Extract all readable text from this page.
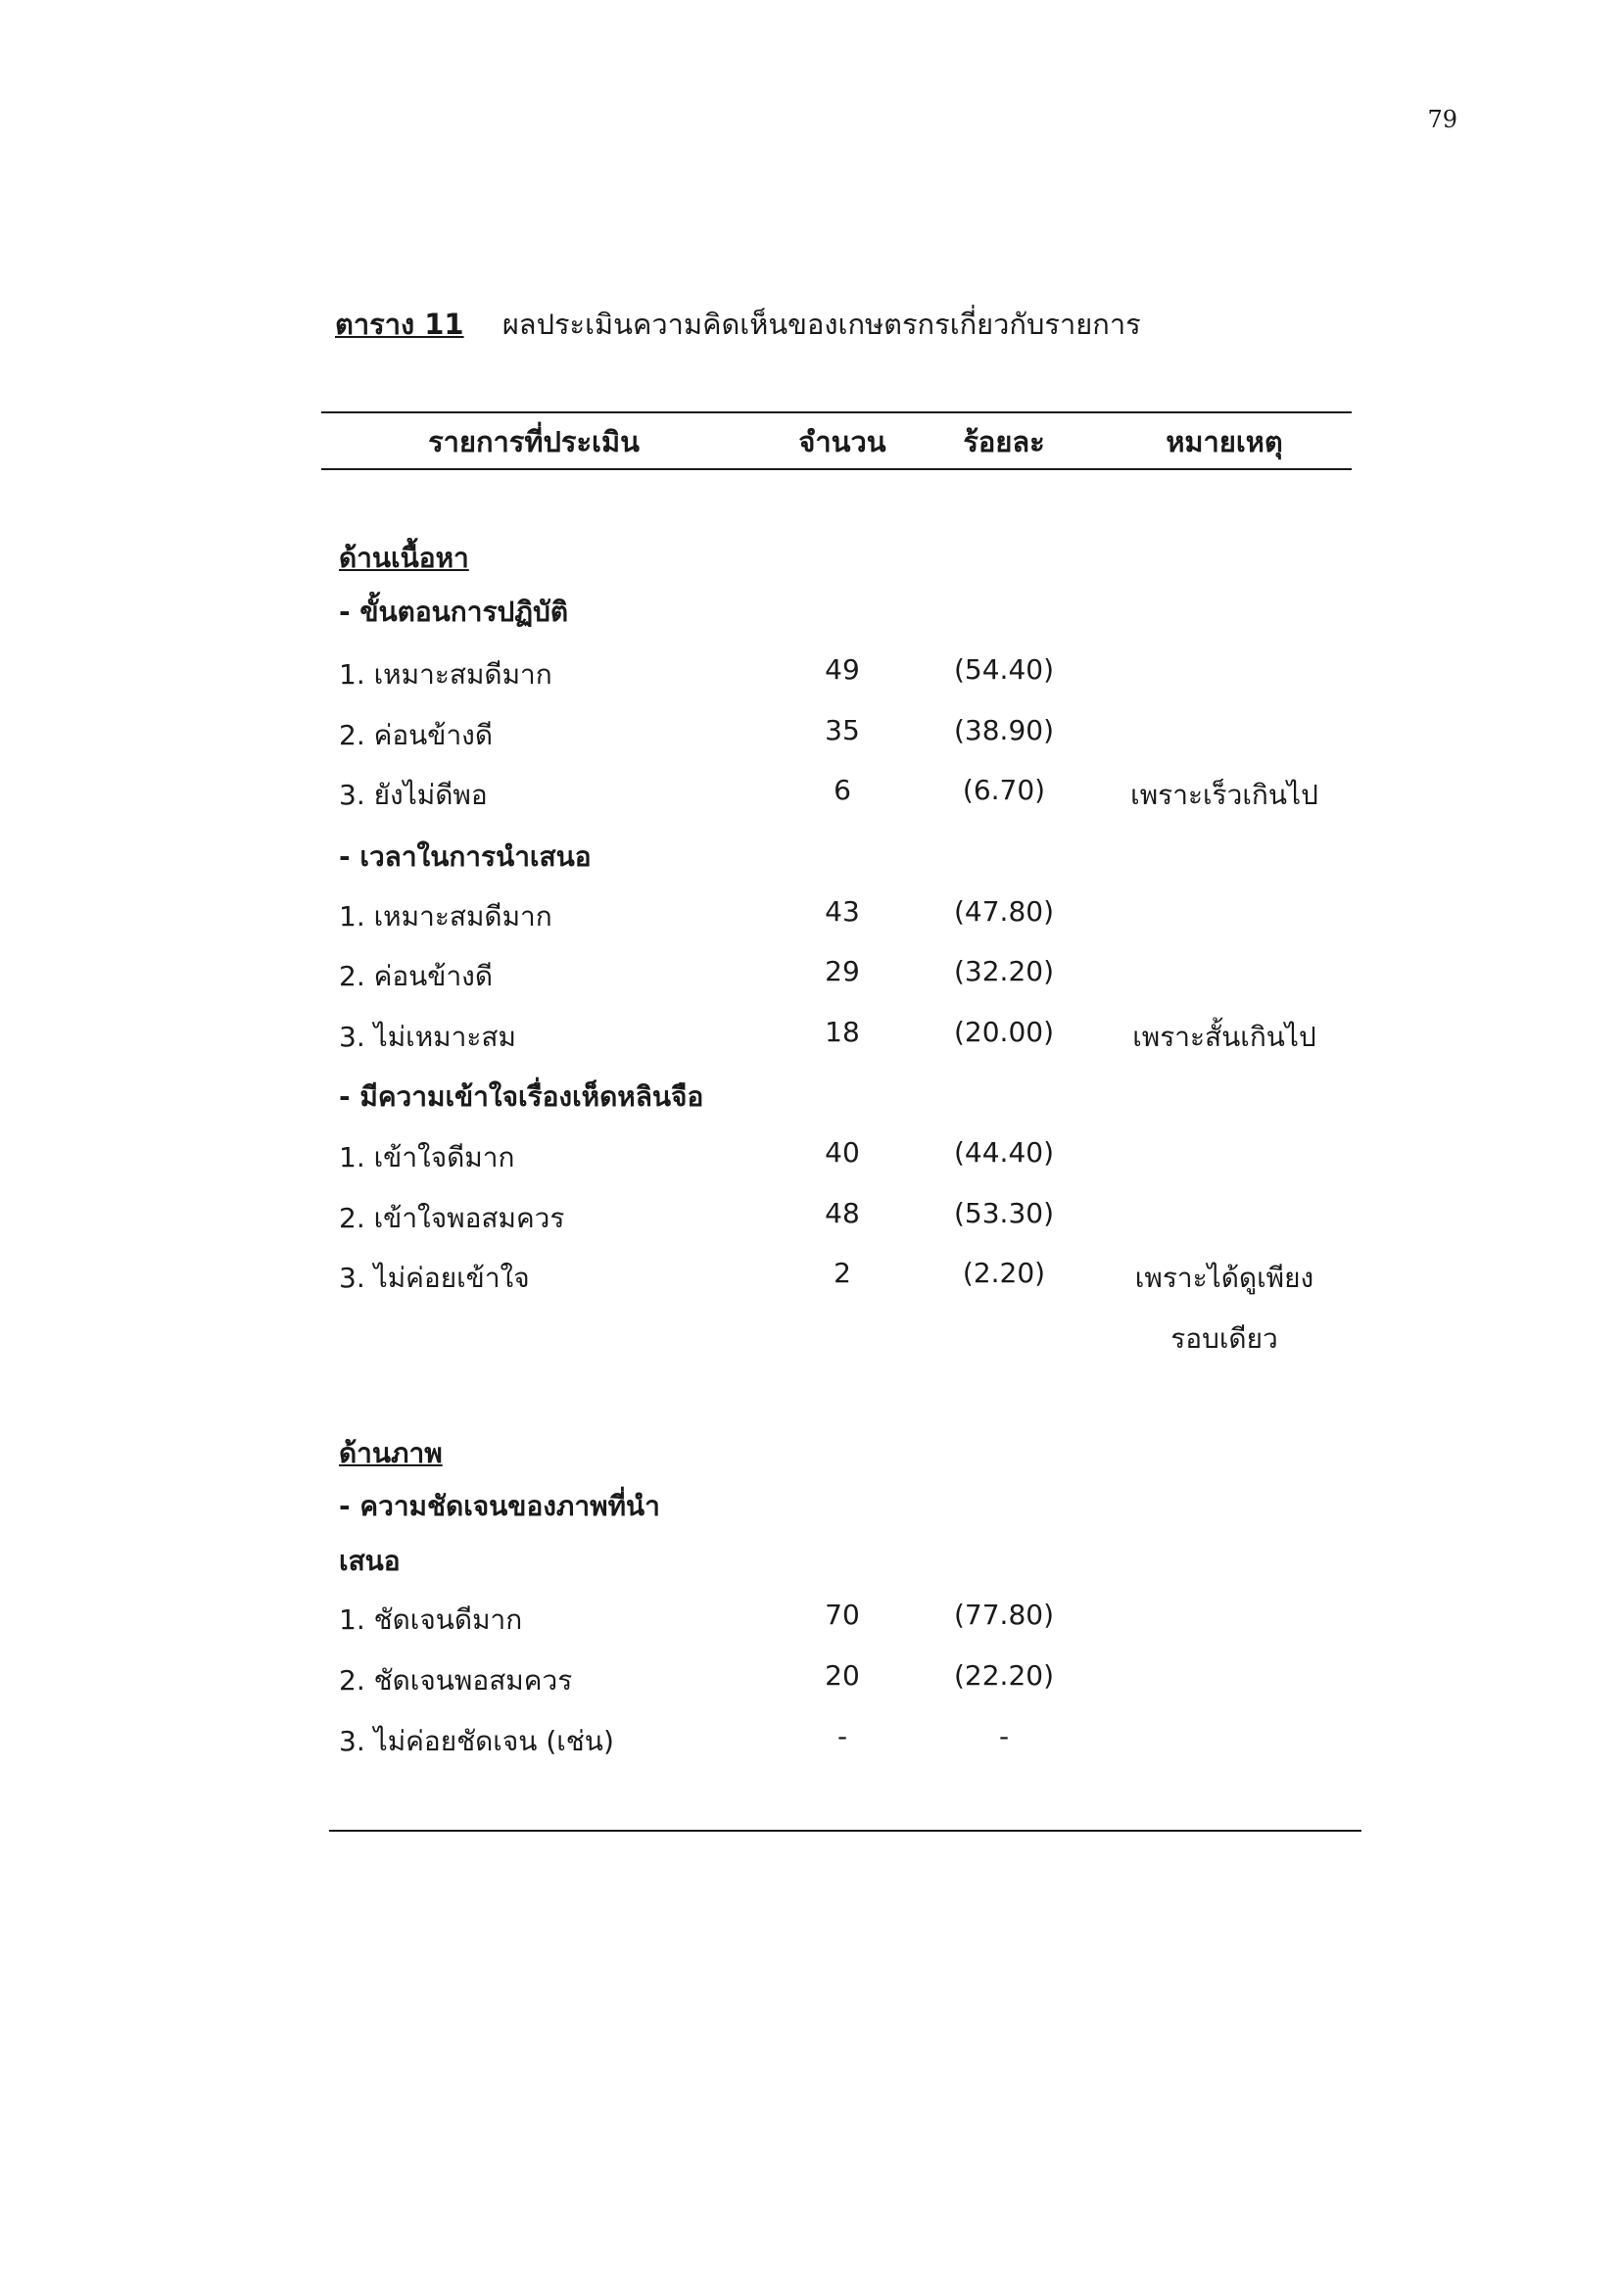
79
ตาราง 11 ผลประเมินความคิดเห็นของเกษตรกรเกี่ยวกับรายการ
รายการที่ประเมิน	จำนวน	ร้อยละ	หมายเหตุ
ด้านเนื้อหา
- ขั้นตอนการปฏิบัติ
1. เหมาะสมดีมาก	49	(54.40)
2. ค่อนข้างดี	35	(38.90)
3. ยังไม่ดีพอ	6	(6.70)	เพราะเร็วเกินไป
- เวลาในการนำเสนอ
1. เหมาะสมดีมาก	43	(47.80)
2. ค่อนข้างดี	29	(32.20)
3. ไม่เหมาะสม	18	(20.00)	เพราะสั้นเกินไป
- มีความเข้าใจเรื่องเห็ดหลินจือ
1. เข้าใจดีมาก	40	(44.40)
2. เข้าใจพอสมควร	48	(53.30)
3. ไม่ค่อยเข้าใจ	2	(2.20)	เพราะได้ดูเพียง
รอบเดียว
ด้านภาพ
- ความชัดเจนของภาพที่นำ
เสนอ
1. ชัดเจนดีมาก	70	(77.80)
2. ชัดเจนพอสมควร	20	(22.20)
3. ไม่ค่อยชัดเจน (เช่น)	-	-
